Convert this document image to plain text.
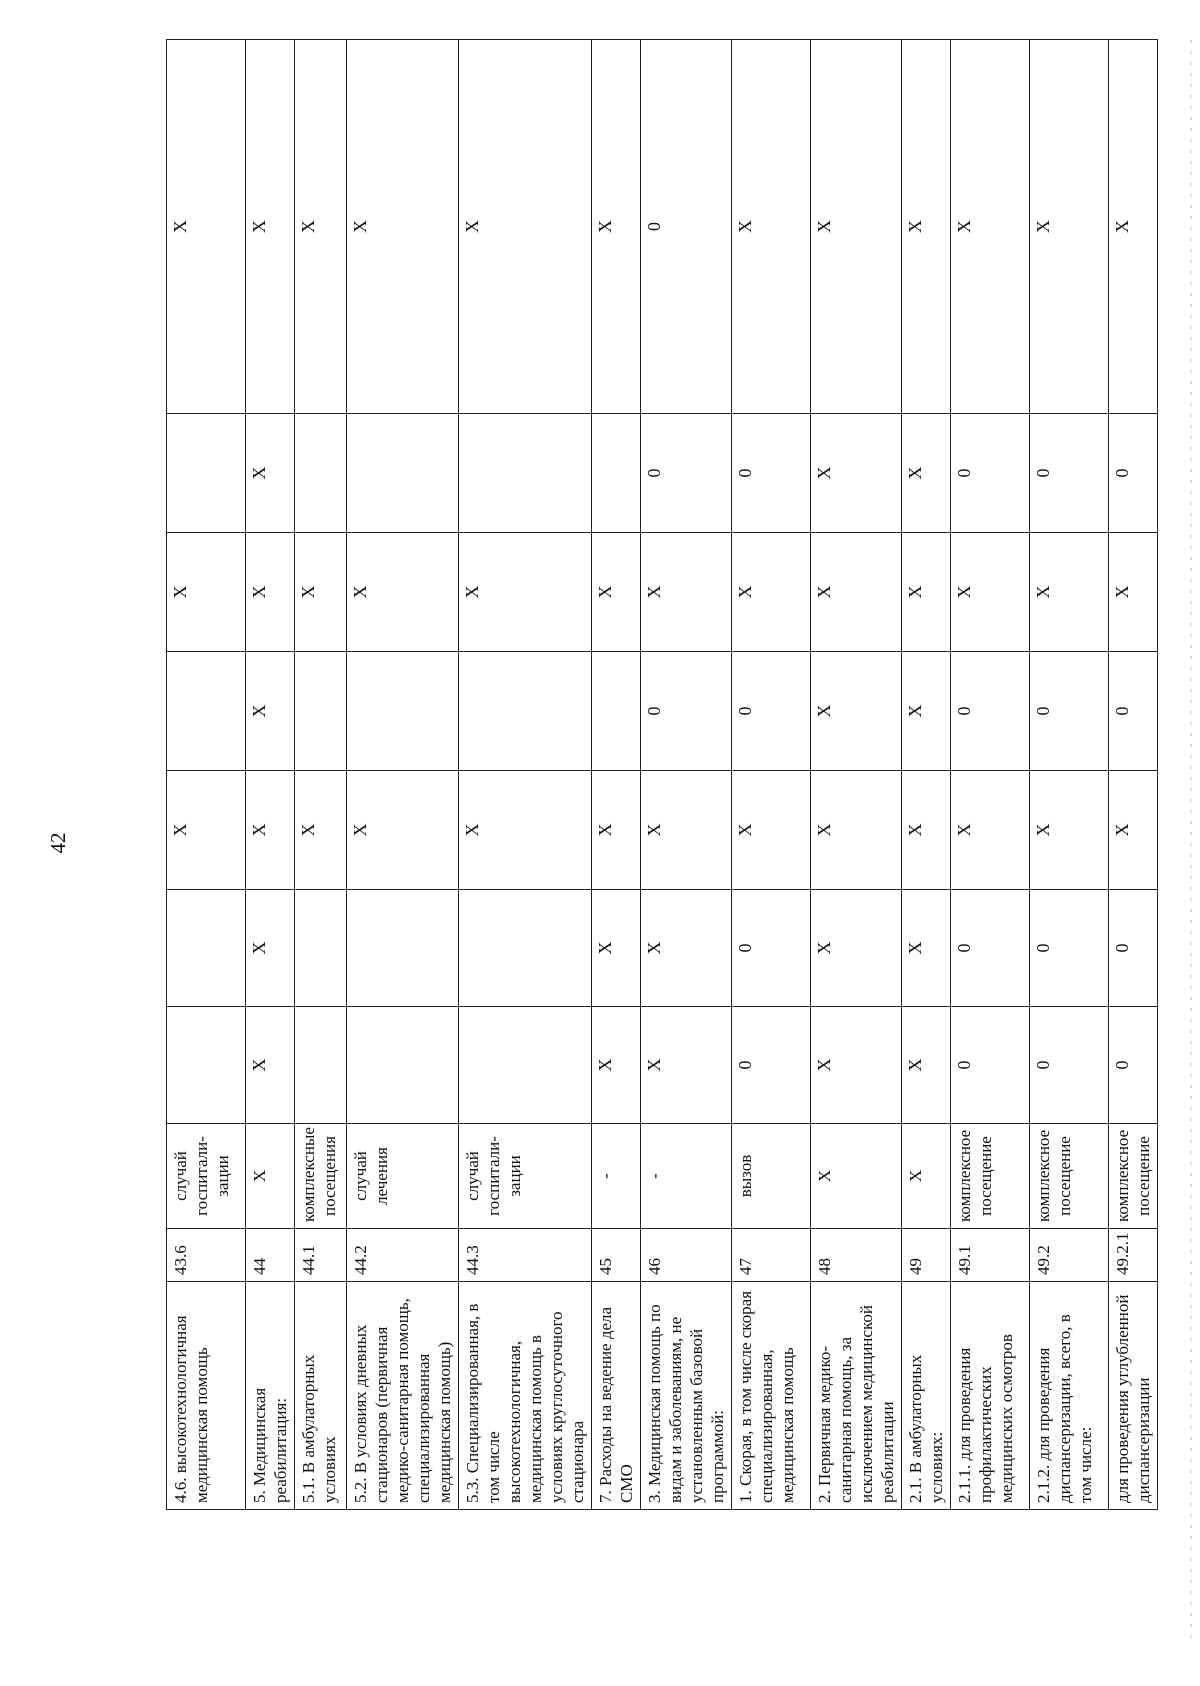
42
4.6. высокотехнологичная медицинская помощь	43.6	случай госпитали-зации			X		X		X
5. Медицинская реабилитация:	44	X	X	X	X	X	X	X	X
5.1. В амбулаторных условиях	44.1	комплексные посещения			X		X		X
5.2. В условиях дневных стационаров (первичная медико-санитарная помощь, специализированная медицинская помощь)	44.2	случай лечения			X		X		X
5.3. Специализированная, в том числе высокотехнологичная, медицинская помощь в условиях круглосуточного стационара	44.3	случай госпитали-зации			X		X		X
7. Расходы на ведение дела СМО	45	-	X	X	X		X		X
3. Медицинская помощь по видам и заболеваниям, не установленным базовой программой:	46	-	X	X	X	0	X	0	0
1. Скорая, в том числе скорая специализированная, медицинская помощь	47	вызов	0	0	X	0	X	0	X
2. Первичная медико-санитарная помощь, за исключением медицинской реабилитации	48	X	X	X	X	X	X	X	X
2.1. В амбулаторных условиях:	49	X	X	X	X	X	X	X	X
2.1.1. для проведения профилактических медицинских осмотров	49.1	комплексное посещение	0	0	X	0	X	0	X
2.1.2. для проведения диспансеризации, всего, в том числе:	49.2	комплексное посещение	0	0	X	0	X	0	X
для проведения углубленной диспансеризации	49.2.1	комплексное посещение	0	0	X	0	X	0	X
